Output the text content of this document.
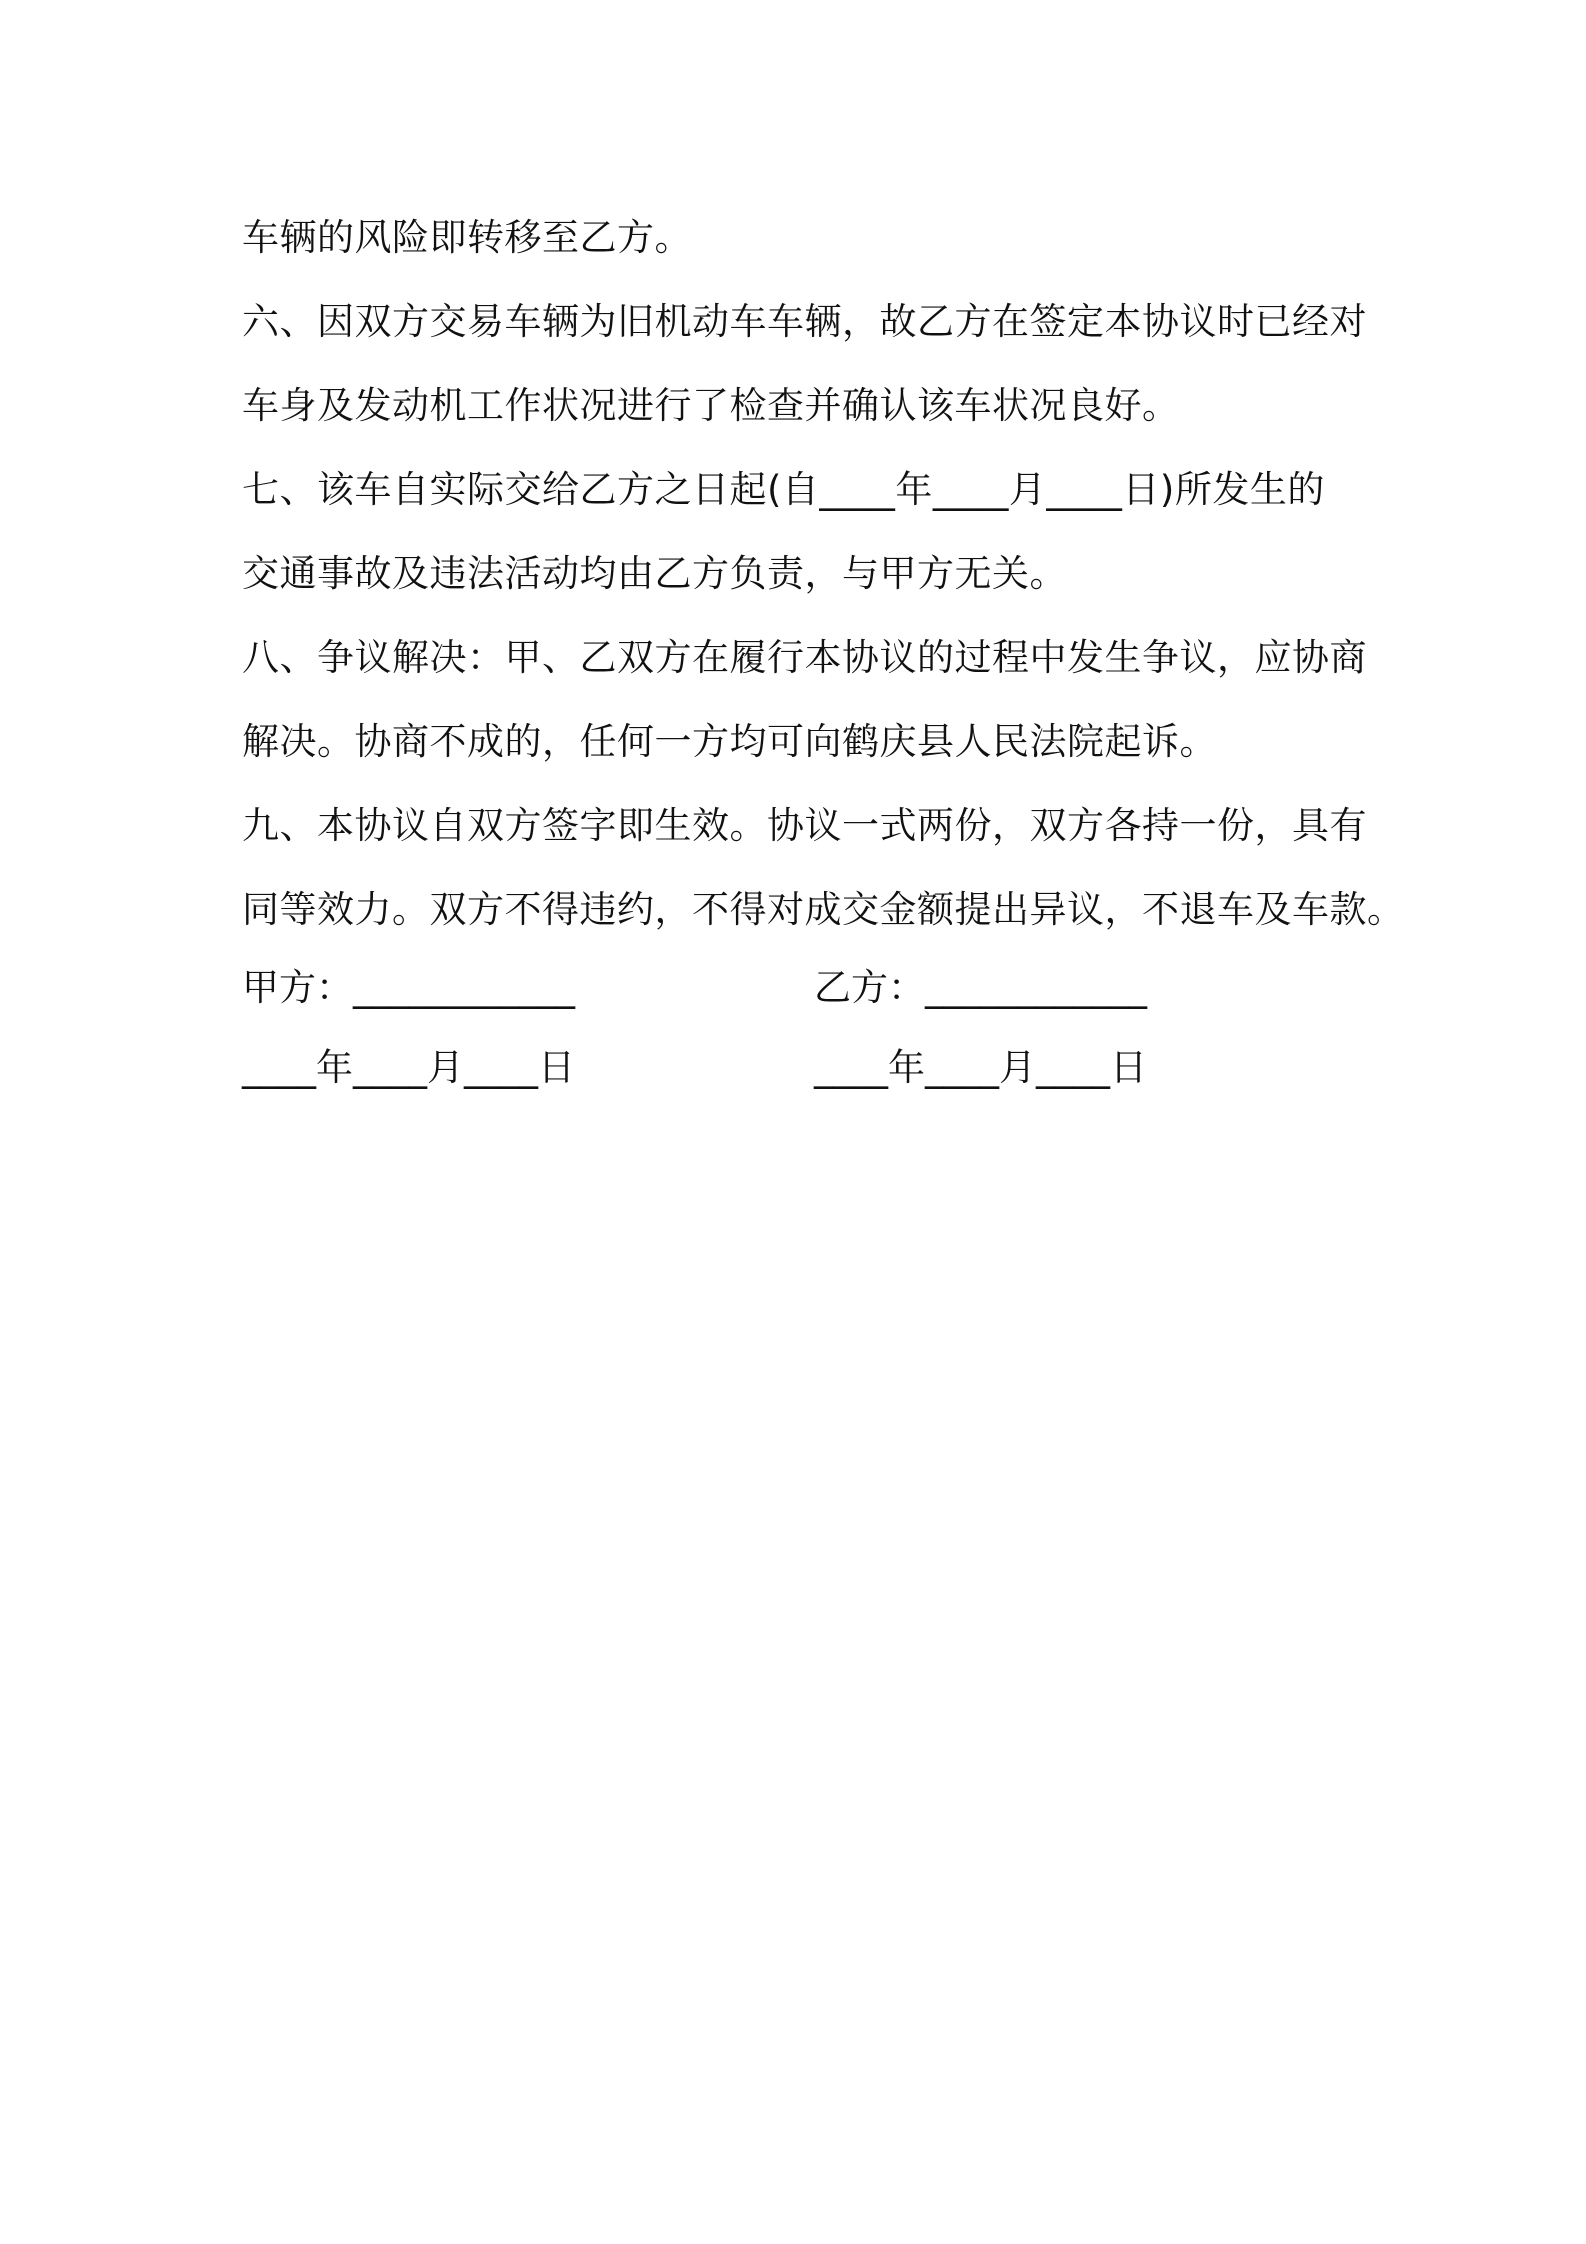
车辆的风险即转移至乙方。
六、因双方交易车辆为旧机动车车辆，故乙方在签定本协议时已经对
车身及发动机工作状况进行了检查并确认该车状况良好。
七、该车自实际交给乙方之日起(自____年____月____日)所发生的
交通事故及违法活动均由乙方负责，与甲方无关。
八、争议解决：甲、乙双方在履行本协议的过程中发生争议，应协商
解决。协商不成的，任何一方均可向鹤庆县人民法院起诉。
九、本协议自双方签字即生效。协议一式两份，双方各持一份，具有
同等效力。双方不得违约，不得对成交金额提出异议，不退车及车款。
甲方：____________	乙方：____________
____年____月____日	____年____月____日
